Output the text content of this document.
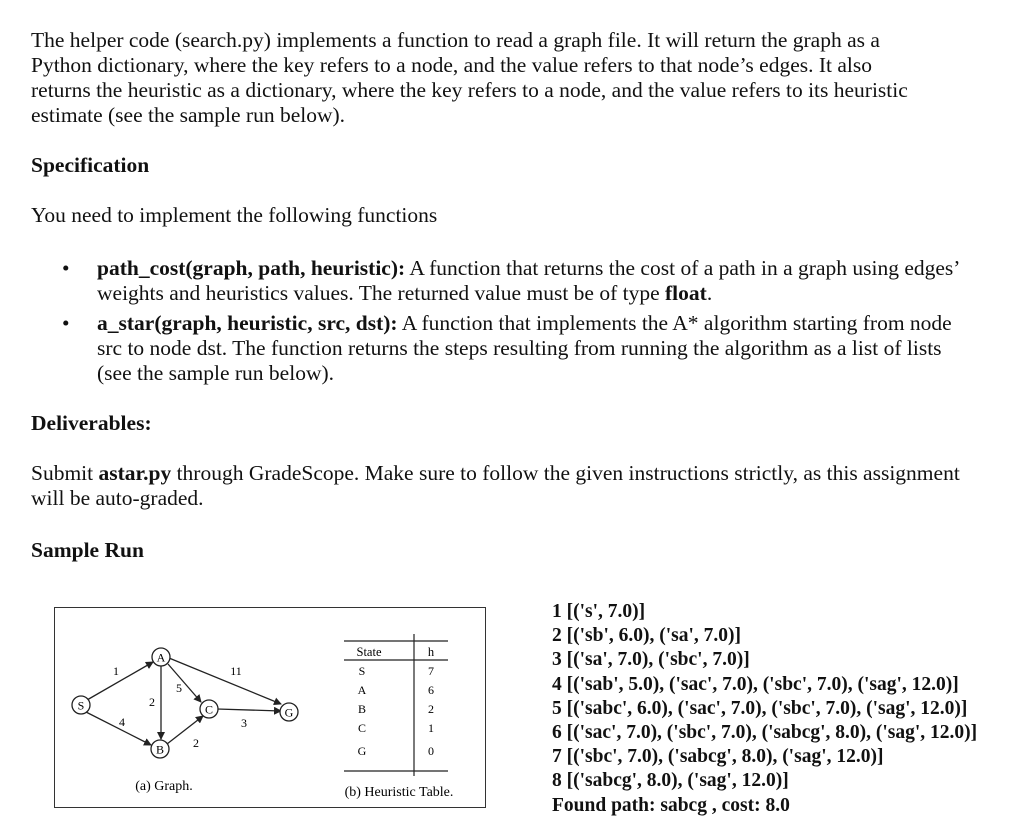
The helper code (search.py) implements a function to read a graph file. It will return the graph as a
Python dictionary, where the key refers to a node, and the value refers to that node’s edges. It also
returns the heuristic as a dictionary, where the key refers to a node, and the value refers to its heuristic
estimate (see the sample run below).
Specification
You need to implement the following functions
• path_cost(graph, path, heuristic): A function that returns the cost of a path in a graph using edges’ weights and heuristics values. The returned value must be of type float.
• a_star(graph, heuristic, src, dst): A function that implements the A* algorithm starting from node src to node dst. The function returns the steps resulting from running the algorithm as a list of lists (see the sample run below).
Deliverables:
Submit astar.py through GradeScope. Make sure to follow the given instructions strictly, as this assignment will be auto-graded.
Sample Run
S
A
B
C	G
1
4
2
5
11
2
3
(a) Graph.
State	h
S	7
A	6
B	2
C	1
G	0
(b) Heuristic Table.
1 [('s', 7.0)]
2 [('sb', 6.0), ('sa', 7.0)]
3 [('sa', 7.0), ('sbc', 7.0)]
4 [('sab', 5.0), ('sac', 7.0), ('sbc', 7.0), ('sag', 12.0)]
5 [('sabc', 6.0), ('sac', 7.0), ('sbc', 7.0), ('sag', 12.0)]
6 [('sac', 7.0), ('sbc', 7.0), ('sabcg', 8.0), ('sag', 12.0)]
7 [('sbc', 7.0), ('sabcg', 8.0), ('sag', 12.0)]
8 [('sabcg', 8.0), ('sag', 12.0)]
Found path: sabcg , cost: 8.0
